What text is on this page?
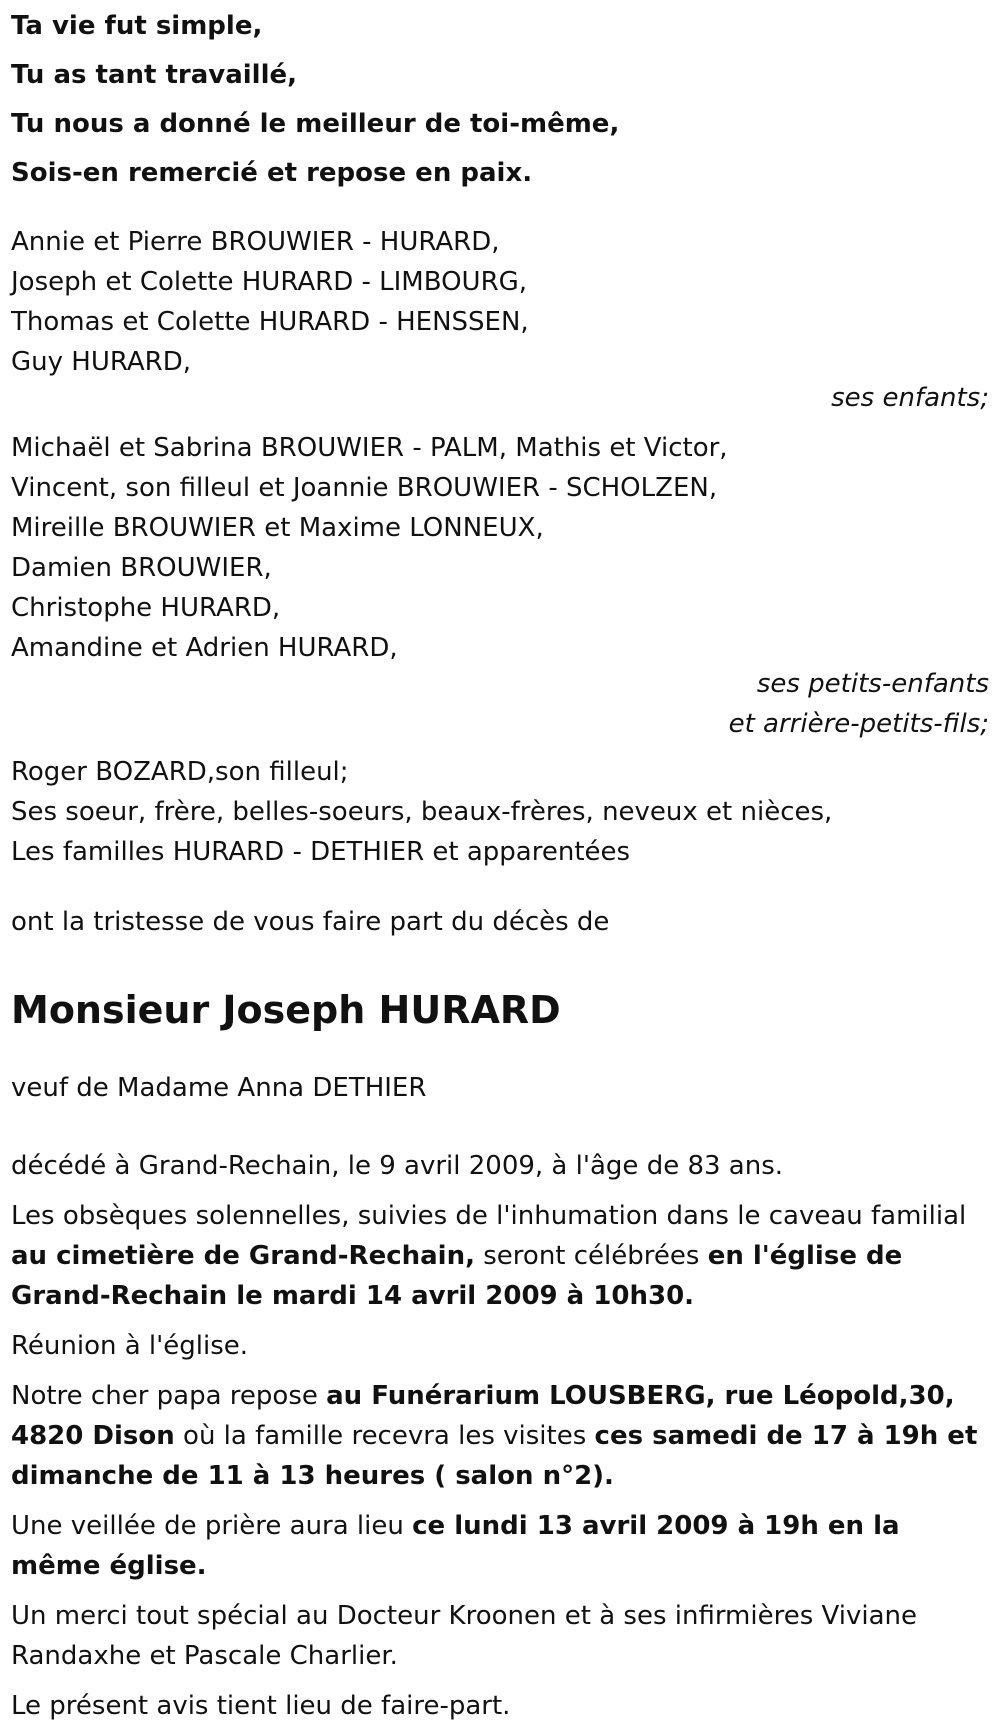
Ta vie fut simple,

Tu as tant travaillé,

Tu nous a donné le meilleur de toi-même,

Sois-en remercié et repose en paix.

Annie et Pierre BROUWIER - HURARD,

Joseph et Colette HURARD - LIMBOURG,

Thomas et Colette HURARD - HENSSEN,

Guy HURARD,

ses enfants;

Michaël et Sabrina BROUWIER - PALM, Mathis et Victor,

Vincent, son filleul et Joannie BROUWIER - SCHOLZEN,

Mireille BROUWIER et Maxime LONNEUX,

Damien BROUWIER,

Christophe HURARD,

Amandine et Adrien HURARD,

ses petits-enfants

et arrière-petits-fils;

Roger BOZARD,son filleul;

Ses soeur, frère, belles-soeurs, beaux-frères, neveux et nièces,

Les familles HURARD - DETHIER et apparentées

ont la tristesse de vous faire part du décès de

Monsieur Joseph HURARD

veuf de Madame Anna DETHIER

décédé à Grand-Rechain, le 9 avril 2009, à l'âge de 83 ans.

Les obsèques solennelles, suivies de l'inhumation dans le caveau familial au cimetière de Grand-Rechain, seront célébrées en l'église de Grand-Rechain le mardi 14 avril 2009 à 10h30.

Réunion à l'église.

Notre cher papa repose au Funérarium LOUSBERG, rue Léopold,30, 4820 Dison où la famille recevra les visites ces samedi de 17 à 19h et dimanche de 11 à 13 heures ( salon n°2).

Une veillée de prière aura lieu ce lundi 13 avril 2009 à 19h en la même église.

Un merci tout spécial au Docteur Kroonen et à ses infirmières Viviane Randaxhe et Pascale Charlier.

Le présent avis tient lieu de faire-part.
